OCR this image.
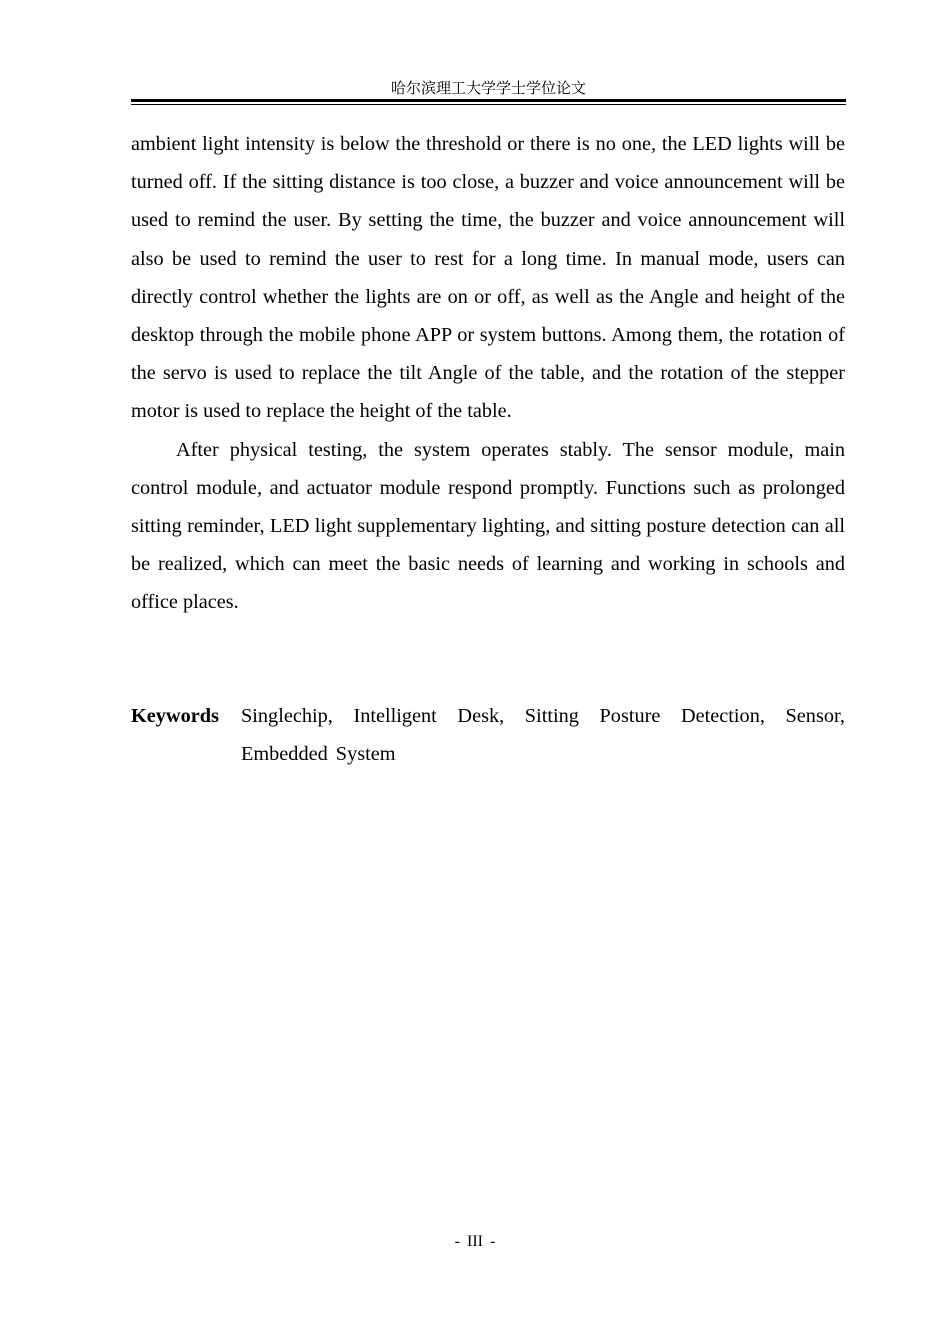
哈尔滨理工大学学士学位论文

ambient light intensity is below the threshold or there is no one, the LED lights will be turned off. If the sitting distance is too close, a buzzer and voice announcement will be used to remind the user. By setting the time, the buzzer and voice announcement will also be used to remind the user to rest for a long time. In manual mode, users can directly control whether the lights are on or off, as well as the Angle and height of the desktop through the mobile phone APP or system buttons. Among them, the rotation of the servo is used to replace the tilt Angle of the table, and the rotation of the stepper motor is used to replace the height of the table.

After physical testing, the system operates stably. The sensor module, main control module, and actuator module respond promptly. Functions such as prolonged sitting reminder, LED light supplementary lighting, and sitting posture detection can all be realized, which can meet the basic needs of learning and working in schools and office places.

Keywords Singlechip, Intelligent Desk, Sitting Posture Detection, Sensor, Embedded System
- III -
